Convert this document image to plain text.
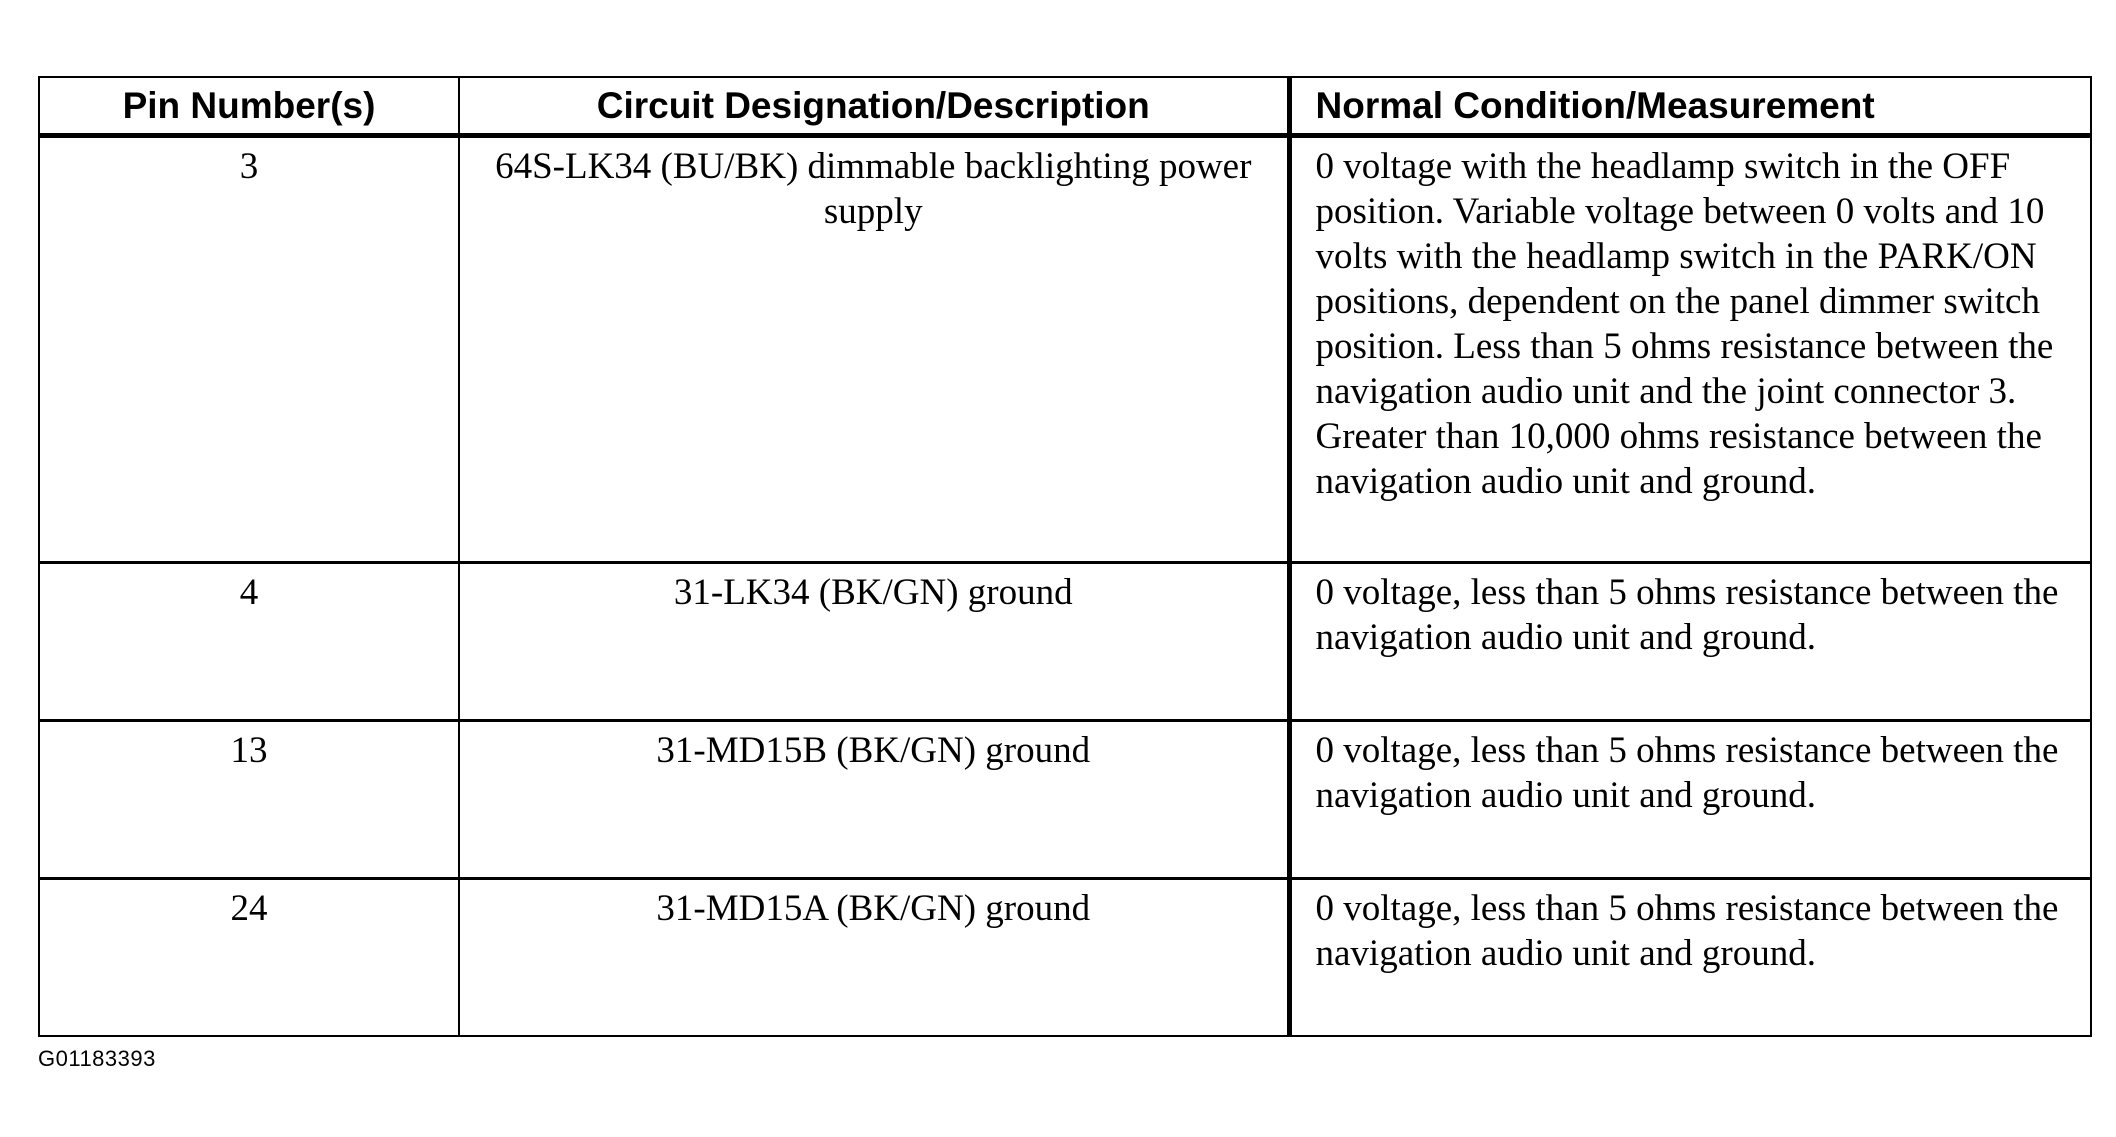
Pin Number(s)	Circuit Designation/Description	Normal Condition/Measurement
3	64S-LK34 (BU/BK) dimmable backlighting power supply	0 voltage with the headlamp switch in the OFF position. Variable voltage between 0 volts and 10 volts with the headlamp switch in the PARK/ON positions, dependent on the panel dimmer switch position. Less than 5 ohms resistance between the navigation audio unit and the joint connector 3. Greater than 10,000 ohms resistance between the navigation audio unit and ground.
4	31-LK34 (BK/GN) ground	0 voltage, less than 5 ohms resistance between the navigation audio unit and ground.
13	31-MD15B (BK/GN) ground	0 voltage, less than 5 ohms resistance between the navigation audio unit and ground.
24	31-MD15A (BK/GN) ground	0 voltage, less than 5 ohms resistance between the navigation audio unit and ground.
G01183393
